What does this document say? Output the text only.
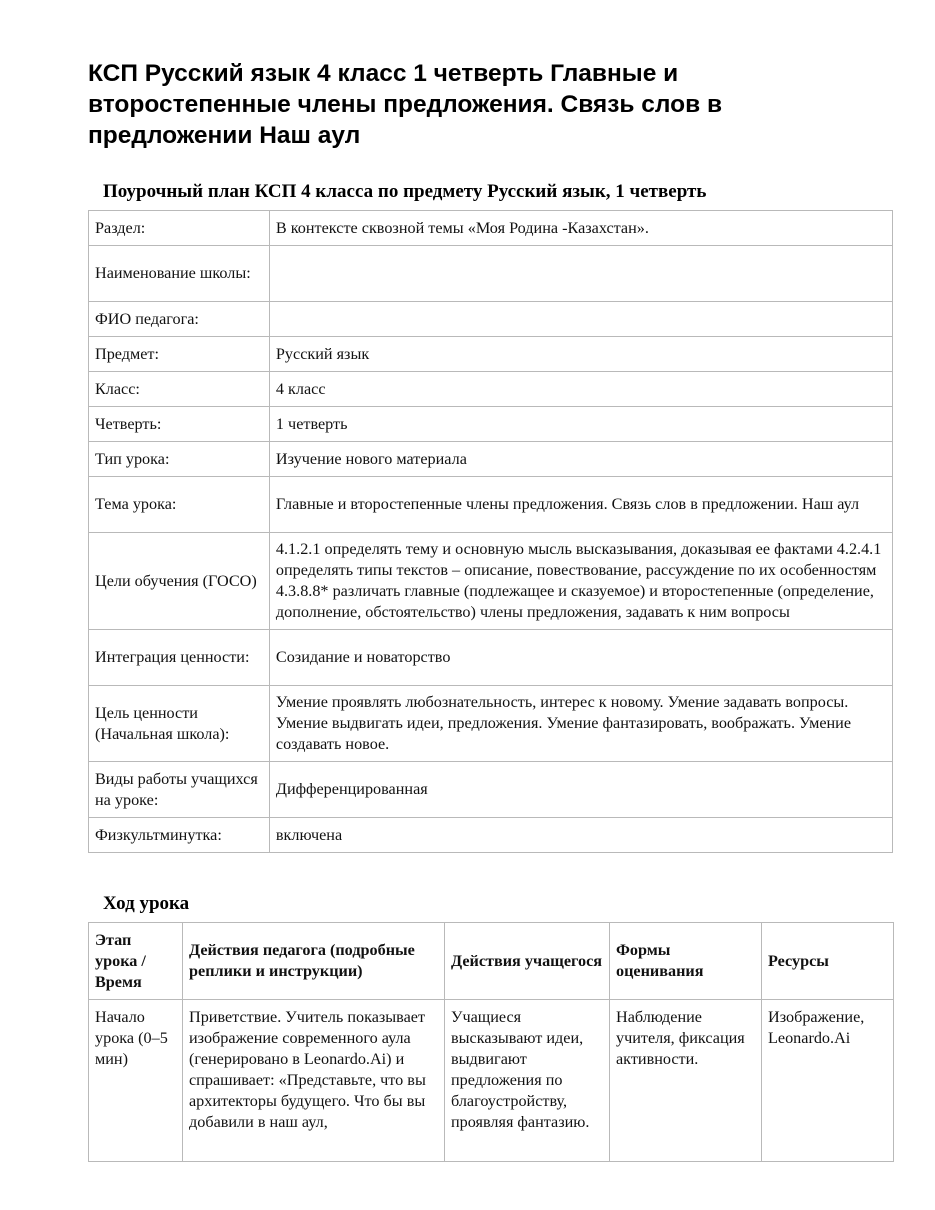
КСП Русский язык 4 класс 1 четверть Главные и второстепенные члены предложения. Связь слов в предложении Наш аул
Поурочный план КСП 4 класса по предмету Русский язык, 1 четверть
Раздел:	В контексте сквозной темы «Моя Родина -Казахстан».
Наименование школы:	
ФИО педагога:	
Предмет:	Русский язык
Класс:	4 класс
Четверть:	1 четверть
Тип урока:	Изучение нового материала
Тема урока:	Главные и второстепенные члены предложения. Связь слов в предложении. Наш аул
Цели обучения (ГОСО)	4.1.2.1 определять тему и основную мысль высказывания, доказывая ее фактами 4.2.4.1 определять типы текстов – описание, повествование, рассуждение по их особенностям 4.3.8.8* различать главные (подлежащее и сказуемое) и второстепенные (определение, дополнение, обстоятельство) члены предложения, задавать к ним вопросы
Интеграция ценности:	Созидание и новаторство
Цель ценности (Начальная школа):	Умение проявлять любознательность, интерес к новому. Умение задавать вопросы. Умение выдвигать идеи, предложения. Умение фантазировать, воображать. Умение создавать новое.
Виды работы учащихся на уроке:	Дифференцированная
Физкультминутка:	включена
Ход урока
Этап урока / Время	Действия педагога (подробные реплики и инструкции)	Действия учащегося	Формы оценивания	Ресурсы
Начало урока (0–5 мин)	Приветствие. Учитель показывает изображение современного аула (генерировано в Leonardo.Ai) и спрашивает: «Представьте, что вы архитекторы будущего. Что бы вы добавили в наш аул,	Учащиеся высказывают идеи, выдвигают предложения по благоустройству, проявляя фантазию.	Наблюдение учителя, фиксация активности.	Изображение, Leonardo.Ai
